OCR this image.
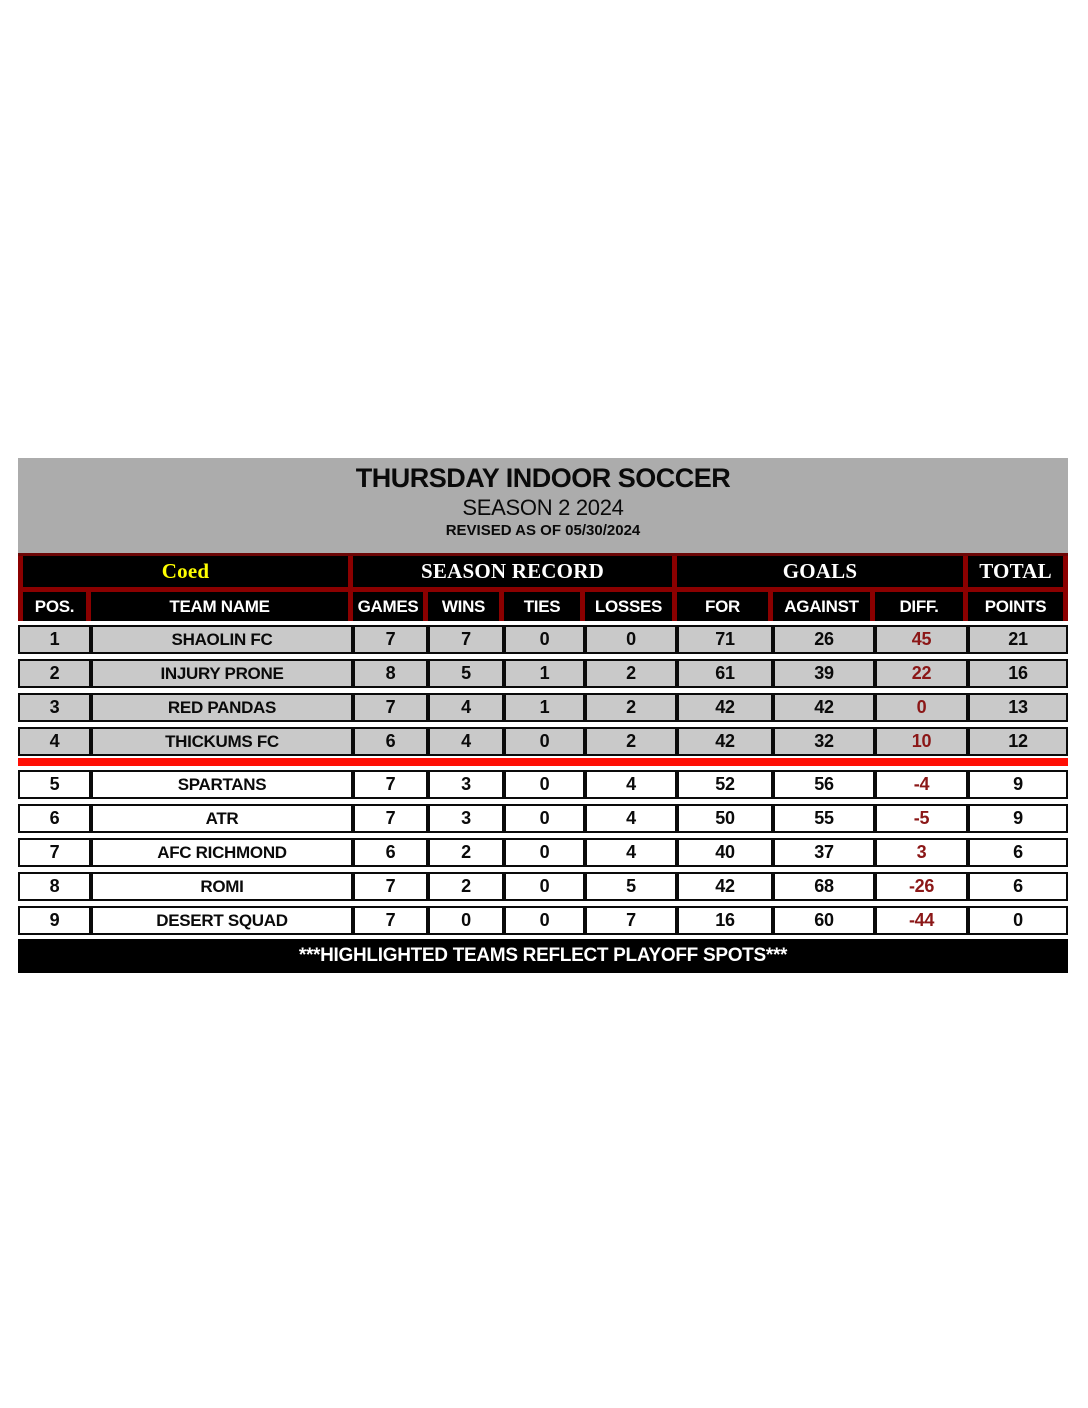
THURSDAY INDOOR SOCCER
SEASON 2 2024
REVISED AS OF 05/30/2024
Coed	SEASON RECORD	GOALS	TOTAL
POS.	TEAM NAME	GAMES	WINS	TIES	LOSSES	FOR	AGAINST	DIFF.	POINTS
1	SHAOLIN FC	7	7	0	0	71	26	45	21
2	INJURY PRONE	8	5	1	2	61	39	22	16
3	RED PANDAS	7	4	1	2	42	42	0	13
4	THICKUMS FC	6	4	0	2	42	32	10	12
5	SPARTANS	7	3	0	4	52	56	-4	9
6	ATR	7	3	0	4	50	55	-5	9
7	AFC RICHMOND	6	2	0	4	40	37	3	6
8	ROMI	7	2	0	5	42	68	-26	6
9	DESERT SQUAD	7	0	0	7	16	60	-44	0
***HIGHLIGHTED TEAMS REFLECT PLAYOFF SPOTS***
